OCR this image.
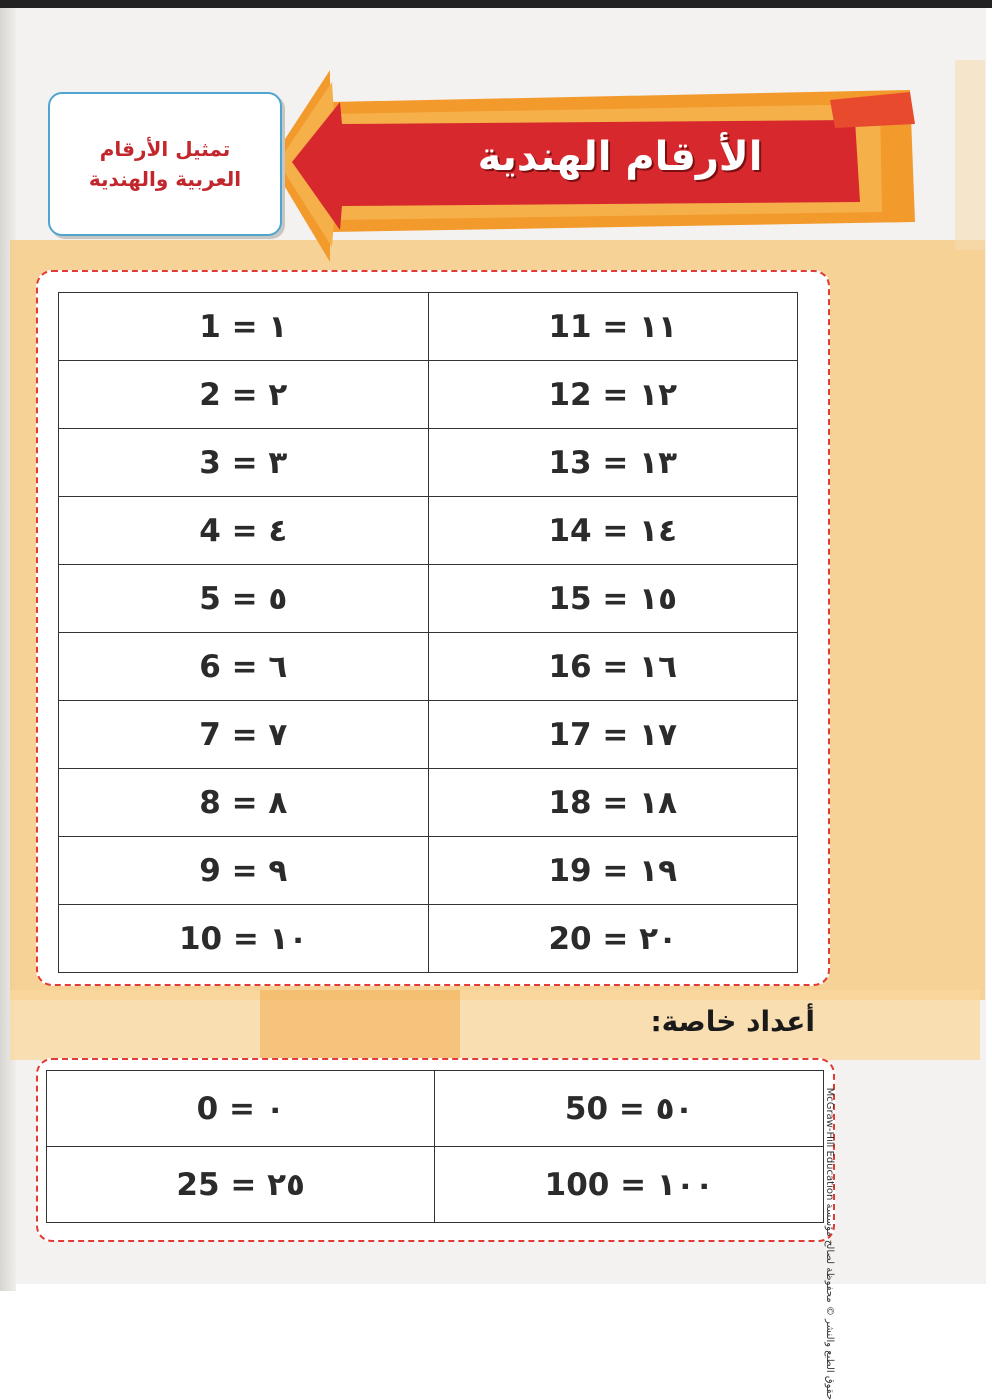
الأرقام الهندية
تمثيل الأرقام العربية والهندية
1 = ١	11 = ١١
2 = ٢	12 = ١٢
3 = ٣	13 = ١٣
4 = ٤	14 = ١٤
5 = ٥	15 = ١٥
6 = ٦	16 = ١٦
7 = ٧	17 = ١٧
8 = ٨	18 = ١٨
9 = ٩	19 = ١٩
10 = ١٠	20 = ٢٠
أعداد خاصة:
0 = ٠	50 = ٥٠
25 = ٢٥	100 = ١٠٠	حقوق الطبع والنشر © محفوظة لصالح مؤسسة McGraw-Hill Education
